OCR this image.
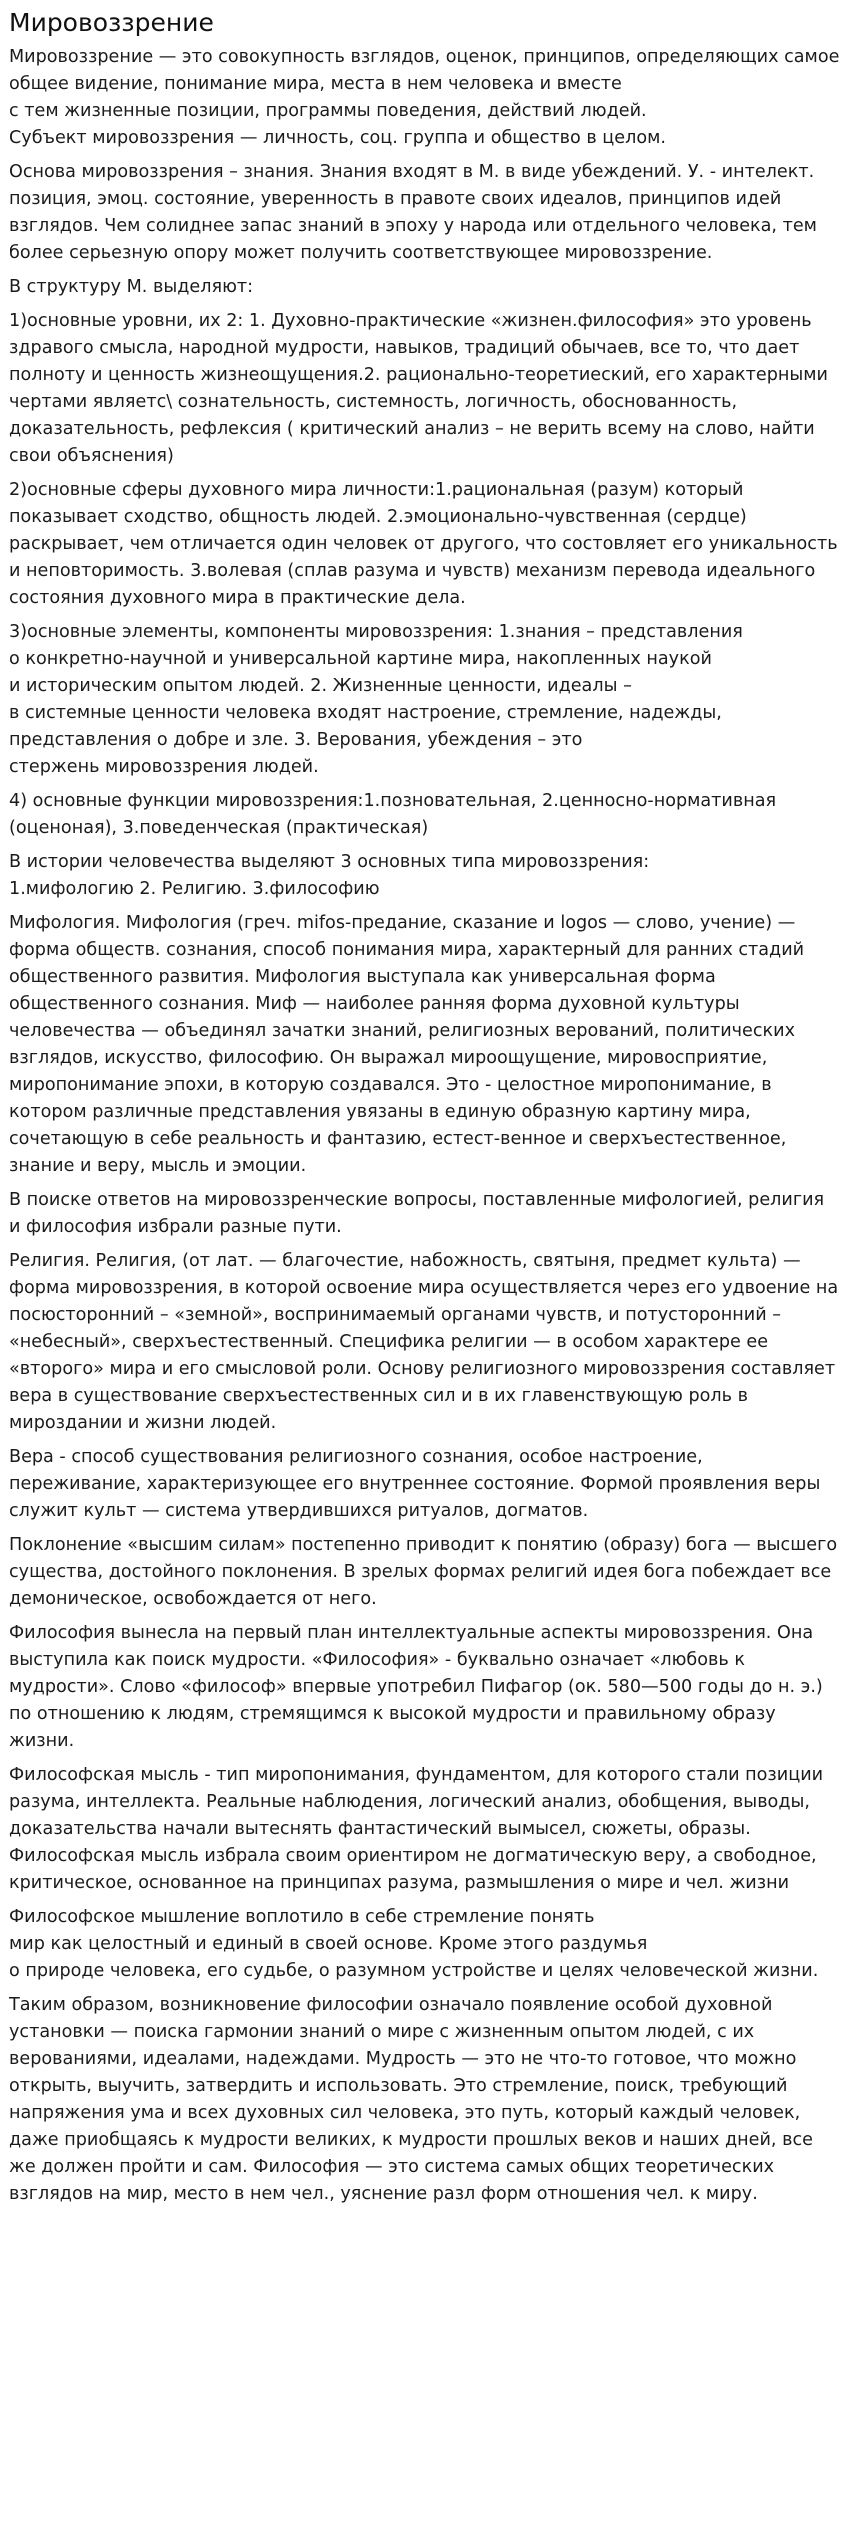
Мировоззрение

Мировоззрение — это совокупность взглядов, оценок, принципов, определяющих самое общее видение, понимание мира, места в нем человека и вместе
с тем жизненные позиции, программы поведения, действий людей.
Субъект мировоззрения — личность, соц. группа и общество в целом.

Основа мировоззрения – знания. Знания входят в М. в виде убеждений. У. - интелект. позиция, эмоц. состояние, уверенность в правоте своих идеалов, принципов идей взглядов. Чем солиднее запас знаний в эпоху у народа или отдельного человека, тем более серьезную опору может получить соответствующее мировоззрение.

В структуру М. выделяют:

1)основные уровни, их 2: 1. Духовно-практические «жизнен.философия» это уровень здравого смысла, народной мудрости, навыков, традиций обычаев, все то, что дает полноту и ценность жизнеощущения.2. рационально-теоретиеский, его характерными чертами являетс\ сознательность, системность, логичность, обоснованность, доказательность, рефлексия ( критический анализ – не верить всему на слово, найти свои объяснения)

2)основные сферы духовного мира личности:1.рациональная (разум) который показывает сходство, общность людей. 2.эмоционально-чувственная (сердце) раскрывает, чем отличается один человек от другого, что состовляет его уникальность и неповторимость. 3.волевая (сплав разума и чувств) механизм перевода идеального состояния духовного мира в практические дела.

3)основные элементы, компоненты мировоззрения: 1.знания – представления
о конкретно-научной и универсальной картине мира, накопленных наукой
и историческим опытом людей. 2. Жизненные ценности, идеалы –
в системные ценности человека входят настроение, стремление, надежды, представления о добре и зле. 3. Верования, убеждения – это
стержень мировоззрения людей.

4) основные функции мировоззрения:1.позновательная, 2.ценносно-нормативная (оценоная), 3.поведенческая (практическая)

В истории человечества выделяют 3 основных типа мировоззрения:
1.мифологию 2. Религию. 3.философию

Мифология. Мифология (греч. mifos-предание, сказание и logos — слово, учение) — форма обществ. сознания, способ понимания мира, характерный для ранних стадий общественного развития. Мифология выступала как универсальная форма общественного сознания. Миф — наиболее ранняя форма духовной культуры человечества — объединял зачатки знаний, религиозных верований, политических взглядов, искусство, философию. Он выражал мироощущение, мировосприятие, миропонимание эпохи, в которую создавался. Это - целостное миропонимание, в котором различные представления увязаны в единую образную картину мира, сочетающую в себе реальность и фантазию, естест-венное и сверхъестественное, знание и веру, мысль и эмоции.

В поиске ответов на мировоззренческие вопросы, поставленные мифологией, религия и философия избрали разные пути.

Религия. Религия, (от лат. — благочестие, набожность, святыня, предмет культа) — форма мировоззрения, в которой освоение мира осуществляется через его удвоение на посюсторонний – «земной», воспринимаемый органами чувств, и потусторонний – «небесный», сверхъестественный. Специфика религии — в особом характере ее «второго» мира и его смысловой роли. Основу религиозного мировоззрения составляет вера в существование сверхъестественных сил и в их главенствующую роль в мироздании и жизни людей.

Вера - способ существования религиозного сознания, особое настроение, переживание, характеризующее его внутреннее состояние. Формой проявления веры служит культ — система утвердившихся ритуалов, догматов.

Поклонение «высшим силам» постепенно приводит к понятию (образу) бога — высшего существа, достойного поклонения. В зрелых формах религий идея бога побеждает все демоническое, освобождается от него.

Философия вынесла на первый план интеллектуальные аспекты мировоззрения. Она выступила как поиск мудрости. «Философия» - буквально означает «любовь к мудрости». Слово «философ» впервые употребил Пифагор (ок. 580—500 годы до н. э.) по отношению к людям, стремящимся к высокой мудрости и правильному образу жизни.

Философская мысль - тип миропонимания, фундаментом, для которого стали позиции разума, интеллекта. Реальные наблюдения, логический анализ, обобщения, выводы, доказательства начали вытеснять фантастический вымысел, сюжеты, образы. Философская мысль избрала своим ориентиром не догматическую веру, а свободное, критическое, основанное на принципах разума, размышления о мире и чел. жизни

Философское мышление воплотило в себе стремление понять
мир как целостный и единый в своей основе. Кроме этого раздумья
о природе человека, его судьбе, о разумном устройстве и целях человеческой жизни.

Таким образом, возникновение философии означало появление особой духовной установки — поиска гармонии знаний о мире с жизненным опытом людей, с их верованиями, идеалами, надеждами. Мудрость — это не что-то готовое, что можно открыть, выучить, затвердить и использовать. Это стремление, поиск, требующий напряжения ума и всех духовных сил человека, это путь, который каждый человек, даже приобщаясь к мудрости великих, к мудрости прошлых веков и наших дней, все же должен пройти и сам. Философия — это система самых общих теоретических взглядов на мир, место в нем чел., уяснение разл форм отношения чел. к миру.
